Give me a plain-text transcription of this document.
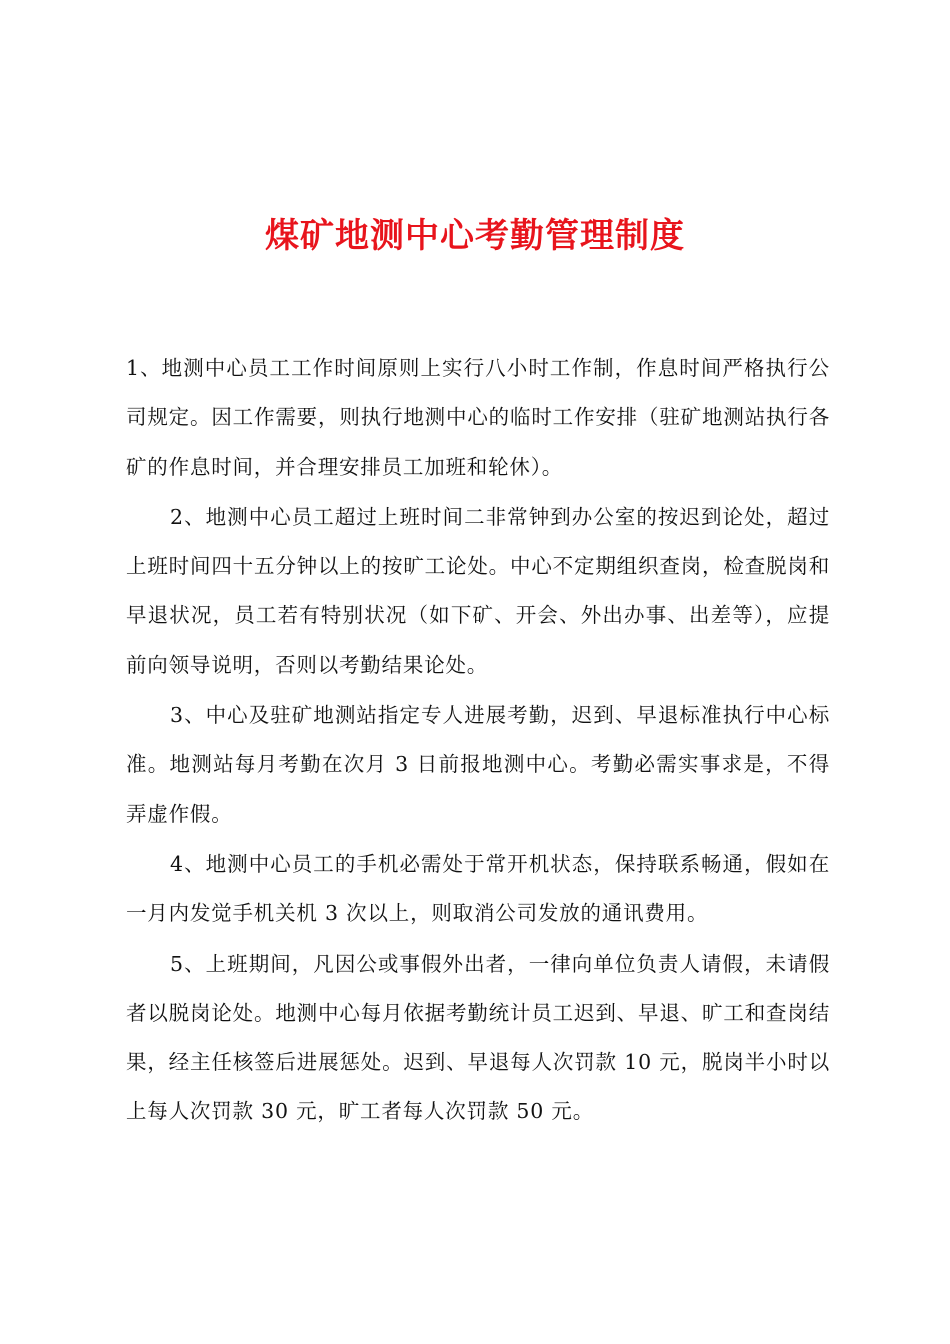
煤矿地测中心考勤管理制度

1、地测中心员工工作时间原则上实行八小时工作制，作息时间严格执行公司规定。因工作需要，则执行地测中心的临时工作安排（驻矿地测站执行各矿的作息时间，并合理安排员工加班和轮休）。

2、地测中心员工超过上班时间二非常钟到办公室的按迟到论处，超过上班时间四十五分钟以上的按旷工论处。中心不定期组织查岗，检查脱岗和早退状况，员工若有特别状况（如下矿、开会、外出办事、出差等），应提前向领导说明，否则以考勤结果论处。

3、中心及驻矿地测站指定专人进展考勤，迟到、早退标准执行中心标准。地测站每月考勤在次月 3 日前报地测中心。考勤必需实事求是，不得弄虚作假。

4、地测中心员工的手机必需处于常开机状态，保持联系畅通，假如在一月内发觉手机关机 3 次以上，则取消公司发放的通讯费用。

5、上班期间，凡因公或事假外出者，一律向单位负责人请假，未请假者以脱岗论处。地测中心每月依据考勤统计员工迟到、早退、旷工和查岗结果，经主任核签后进展惩处。迟到、早退每人次罚款 10 元，脱岗半小时以上每人次罚款 30 元，旷工者每人次罚款 50 元。
